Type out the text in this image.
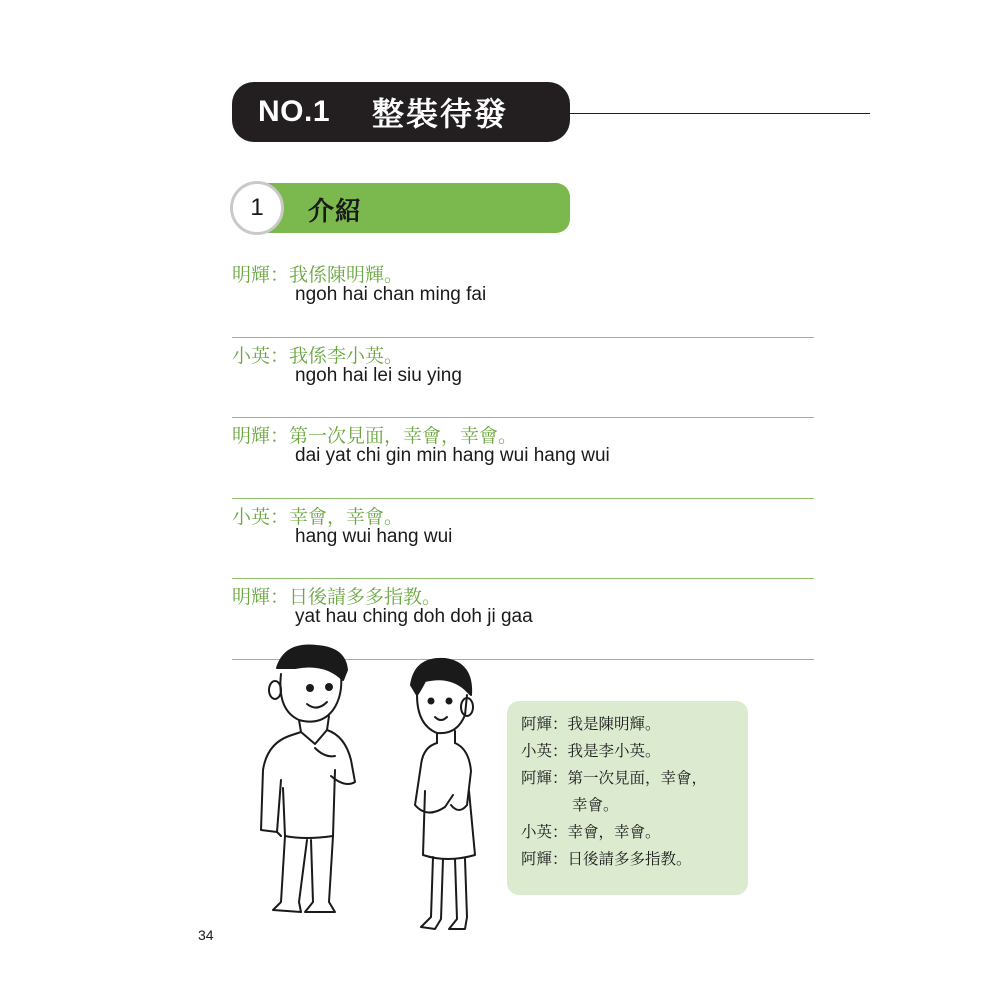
NO.1 整裝待發
1	介紹
明輝：我係陳明輝。
ngoh hai chan ming fai
小英：我係李小英。
ngoh hai lei siu ying
明輝：第一次見面，幸會，幸會。
dai yat chi gin min hang wui hang wui
小英：幸會，幸會。
hang wui hang wui
明輝：日後請多多指教。
yat hau ching doh doh ji gaa
阿輝：我是陳明輝。
小英：我是李小英。
阿輝：第一次見面，幸會，
幸會。
小英：幸會，幸會。
阿輝：日後請多多指教。
34
